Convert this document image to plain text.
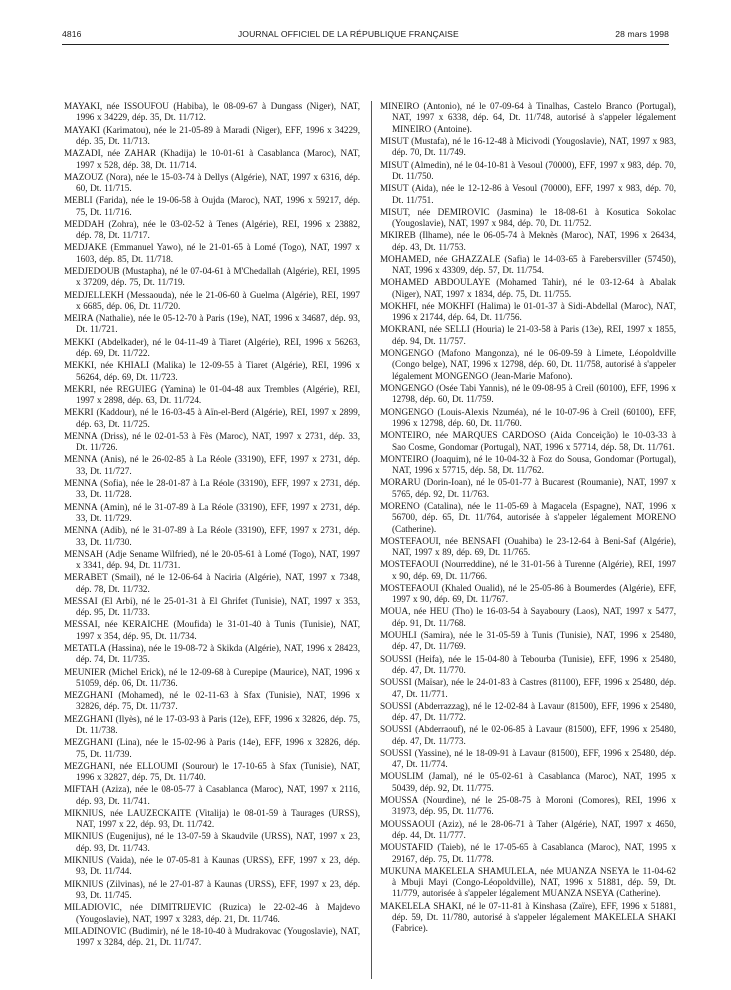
4816	JOURNAL OFFICIEL DE LA RÉPUBLIQUE FRANÇAISE	28 mars 1998

MAYAKI, née ISSOUFOU (Habiba), le 08-09-67 à Dungass (Niger), NAT, 1996 x 34229, dép. 35, Dt. 11/712.

MAYAKI (Karimatou), née le 21-05-89 à Maradi (Niger), EFF, 1996 x 34229, dép. 35, Dt. 11/713.

MAZADI, née ZAHAR (Khadija) le 10-01-61 à Casablanca (Maroc), NAT, 1997 x 528, dép. 38, Dt. 11/714.

MAZOUZ (Nora), née le 15-03-74 à Dellys (Algérie), NAT, 1997 x 6316, dép. 60, Dt. 11/715.

MEBLI (Farida), née le 19-06-58 à Oujda (Maroc), NAT, 1996 x 59217, dép. 75, Dt. 11/716.

MEDDAH (Zohra), née le 03-02-52 à Tenes (Algérie), REI, 1996 x 23882, dép. 78, Dt. 11/717.

MEDJAKE (Emmanuel Yawo), né le 21-01-65 à Lomé (Togo), NAT, 1997 x 1603, dép. 85, Dt. 11/718.

MEDJEDOUB (Mustapha), né le 07-04-61 à M'Chedallah (Algérie), REI, 1995 x 37209, dép. 75, Dt. 11/719.

MEDJELLEKH (Messaouda), née le 21-06-60 à Guelma (Algérie), REI, 1997 x 6685, dép. 06, Dt. 11/720.

MEIRA (Nathalie), née le 05-12-70 à Paris (19e), NAT, 1996 x 34687, dép. 93, Dt. 11/721.

MEKKI (Abdelkader), né le 04-11-49 à Tiaret (Algérie), REI, 1996 x 56263, dép. 69, Dt. 11/722.

MEKKI, née KHIALI (Malika) le 12-09-55 à Tiaret (Algérie), REI, 1996 x 56264, dép. 69, Dt. 11/723.

MEKRI, née REGUIEG (Yamina) le 01-04-48 aux Trembles (Algérie), REI, 1997 x 2898, dép. 63, Dt. 11/724.

MEKRI (Kaddour), né le 16-03-45 à Aïn-el-Berd (Algérie), REI, 1997 x 2899, dép. 63, Dt. 11/725.

MENNA (Driss), né le 02-01-53 à Fès (Maroc), NAT, 1997 x 2731, dép. 33, Dt. 11/726.

MENNA (Anis), né le 26-02-85 à La Réole (33190), EFF, 1997 x 2731, dép. 33, Dt. 11/727.

MENNA (Sofia), née le 28-01-87 à La Réole (33190), EFF, 1997 x 2731, dép. 33, Dt. 11/728.

MENNA (Amin), né le 31-07-89 à La Réole (33190), EFF, 1997 x 2731, dép. 33, Dt. 11/729.

MENNA (Adib), né le 31-07-89 à La Réole (33190), EFF, 1997 x 2731, dép. 33, Dt. 11/730.

MENSAH (Adje Sename Wilfried), né le 20-05-61 à Lomé (Togo), NAT, 1997 x 3341, dép. 94, Dt. 11/731.

MERABET (Smail), né le 12-06-64 à Naciria (Algérie), NAT, 1997 x 7348, dép. 78, Dt. 11/732.

MESSAI (El Arbi), né le 25-01-31 à El Ghrifet (Tunisie), NAT, 1997 x 353, dép. 95, Dt. 11/733.

MESSAI, née KERAICHE (Moufida) le 31-01-40 à Tunis (Tunisie), NAT, 1997 x 354, dép. 95, Dt. 11/734.

METATLA (Hassina), née le 19-08-72 à Skikda (Algérie), NAT, 1996 x 28423, dép. 74, Dt. 11/735.

MEUNIER (Michel Erick), né le 12-09-68 à Curepipe (Maurice), NAT, 1996 x 51059, dép. 06, Dt. 11/736.

MEZGHANI (Mohamed), né le 02-11-63 à Sfax (Tunisie), NAT, 1996 x 32826, dép. 75, Dt. 11/737.

MEZGHANI (Ilyès), né le 17-03-93 à Paris (12e), EFF, 1996 x 32826, dép. 75, Dt. 11/738.

MEZGHANI (Lina), née le 15-02-96 à Paris (14e), EFF, 1996 x 32826, dép. 75, Dt. 11/739.

MEZGHANI, née ELLOUMI (Sourour) le 17-10-65 à Sfax (Tunisie), NAT, 1996 x 32827, dép. 75, Dt. 11/740.

MIFTAH (Aziza), née le 08-05-77 à Casablanca (Maroc), NAT, 1997 x 2116, dép. 93, Dt. 11/741.

MIKNIUS, née LAUZECKAITE (Vitalija) le 08-01-59 à Taurages (URSS), NAT, 1997 x 22, dép. 93, Dt. 11/742.

MIKNIUS (Eugenijus), né le 13-07-59 à Skaudvile (URSS), NAT, 1997 x 23, dép. 93, Dt. 11/743.

MIKNIUS (Vaida), née le 07-05-81 à Kaunas (URSS), EFF, 1997 x 23, dép. 93, Dt. 11/744.

MIKNIUS (Zilvinas), né le 27-01-87 à Kaunas (URSS), EFF, 1997 x 23, dép. 93, Dt. 11/745.

MILADIOVIC, née DIMITRIJEVIC (Ruzica) le 22-02-46 à Majdevo (Yougoslavie), NAT, 1997 x 3283, dép. 21, Dt. 11/746.

MILADINOVIC (Budimir), né le 18-10-40 à Mudrakovac (Yougoslavie), NAT, 1997 x 3284, dép. 21, Dt. 11/747.

MINEIRO (Antonio), né le 07-09-64 à Tinalhas, Castelo Branco (Portugal), NAT, 1997 x 6338, dép. 64, Dt. 11/748, autorisé à s'appeler légalement MINEIRO (Antoine).

MISUT (Mustafa), né le 16-12-48 à Micivodi (Yougoslavie), NAT, 1997 x 983, dép. 70, Dt. 11/749.

MISUT (Almedin), né le 04-10-81 à Vesoul (70000), EFF, 1997 x 983, dép. 70, Dt. 11/750.

MISUT (Aida), née le 12-12-86 à Vesoul (70000), EFF, 1997 x 983, dép. 70, Dt. 11/751.

MISUT, née DEMIROVIC (Jasmina) le 18-08-61 à Kosutica Sokolac (Yougoslavie), NAT, 1997 x 984, dép. 70, Dt. 11/752.

MKIREB (Ilhame), née le 06-05-74 à Meknès (Maroc), NAT, 1996 x 26434, dép. 43, Dt. 11/753.

MOHAMED, née GHAZZALE (Safia) le 14-03-65 à Farebersviller (57450), NAT, 1996 x 43309, dép. 57, Dt. 11/754.

MOHAMED ABDOULAYE (Mohamed Tahir), né le 03-12-64 à Abalak (Niger), NAT, 1997 x 1834, dép. 75, Dt. 11/755.

MOKHFI, née MOKHFI (Halima) le 01-01-37 à Sidi-Abdellal (Maroc), NAT, 1996 x 21744, dép. 64, Dt. 11/756.

MOKRANI, née SELLI (Houria) le 21-03-58 à Paris (13e), REI, 1997 x 1855, dép. 94, Dt. 11/757.

MONGENGO (Mafono Mangonza), né le 06-09-59 à Limete, Léopoldville (Congo belge), NAT, 1996 x 12798, dép. 60, Dt. 11/758, autorisé à s'appeler légalement MONGENGO (Jean-Marie Mafono).

MONGENGO (Osée Tabi Yannis), né le 09-08-95 à Creil (60100), EFF, 1996 x 12798, dép. 60, Dt. 11/759.

MONGENGO (Louis-Alexis Nzuméa), né le 10-07-96 à Creil (60100), EFF, 1996 x 12798, dép. 60, Dt. 11/760.

MONTEIRO, née MARQUES CARDOSO (Aida Conceição) le 10-03-33 à Sao Cosme, Gondomar (Portugal), NAT, 1996 x 57714, dép. 58, Dt. 11/761.

MONTEIRO (Joaquim), né le 10-04-32 à Foz do Sousa, Gondomar (Portugal), NAT, 1996 x 57715, dép. 58, Dt. 11/762.

MORARU (Dorin-Ioan), né le 05-01-77 à Bucarest (Roumanie), NAT, 1997 x 5765, dép. 92, Dt. 11/763.

MORENO (Catalina), née le 11-05-69 à Magacela (Espagne), NAT, 1996 x 56700, dép. 65, Dt. 11/764, autorisée à s'appeler légalement MORENO (Catherine).

MOSTEFAOUI, née BENSAFI (Ouahiba) le 23-12-64 à Beni-Saf (Algérie), NAT, 1997 x 89, dép. 69, Dt. 11/765.

MOSTEFAOUI (Nourreddine), né le 31-01-56 à Turenne (Algérie), REI, 1997 x 90, dép. 69, Dt. 11/766.

MOSTEFAOUI (Khaled Oualid), né le 25-05-86 à Boumerdes (Algérie), EFF, 1997 x 90, dép. 69, Dt. 11/767.

MOUA, née HEU (Tho) le 16-03-54 à Sayaboury (Laos), NAT, 1997 x 5477, dép. 91, Dt. 11/768.

MOUHLI (Samira), née le 31-05-59 à Tunis (Tunisie), NAT, 1996 x 25480, dép. 47, Dt. 11/769.

SOUSSI (Heifa), née le 15-04-80 à Tebourba (Tunisie), EFF, 1996 x 25480, dép. 47, Dt. 11/770.

SOUSSI (Maïsar), née le 24-01-83 à Castres (81100), EFF, 1996 x 25480, dép. 47, Dt. 11/771.

SOUSSI (Abderrazzag), né le 12-02-84 à Lavaur (81500), EFF, 1996 x 25480, dép. 47, Dt. 11/772.

SOUSSI (Abderraouf), né le 02-06-85 à Lavaur (81500), EFF, 1996 x 25480, dép. 47, Dt. 11/773.

SOUSSI (Yassine), né le 18-09-91 à Lavaur (81500), EFF, 1996 x 25480, dép. 47, Dt. 11/774.

MOUSLIM (Jamal), né le 05-02-61 à Casablanca (Maroc), NAT, 1995 x 50439, dép. 92, Dt. 11/775.

MOUSSA (Nourdine), né le 25-08-75 à Moroni (Comores), REI, 1996 x 31973, dép. 95, Dt. 11/776.

MOUSSAOUI (Aziz), né le 28-06-71 à Taher (Algérie), NAT, 1997 x 4650, dép. 44, Dt. 11/777.

MOUSTAFID (Taieb), né le 17-05-65 à Casablanca (Maroc), NAT, 1995 x 29167, dép. 75, Dt. 11/778.

MUKUNA MAKELELA SHAMULELA, née MUANZA NSEYA le 11-04-62 à Mbuji Mayi (Congo-Léopoldville), NAT, 1996 x 51881, dép. 59, Dt. 11/779, autorisée à s'appeler légalement MUANZA NSEYA (Catherine).

MAKELELA SHAKI, né le 07-11-81 à Kinshasa (Zaïre), EFF, 1996 x 51881, dép. 59, Dt. 11/780, autorisé à s'appeler légalement MAKELELA SHAKI (Fabrice).
